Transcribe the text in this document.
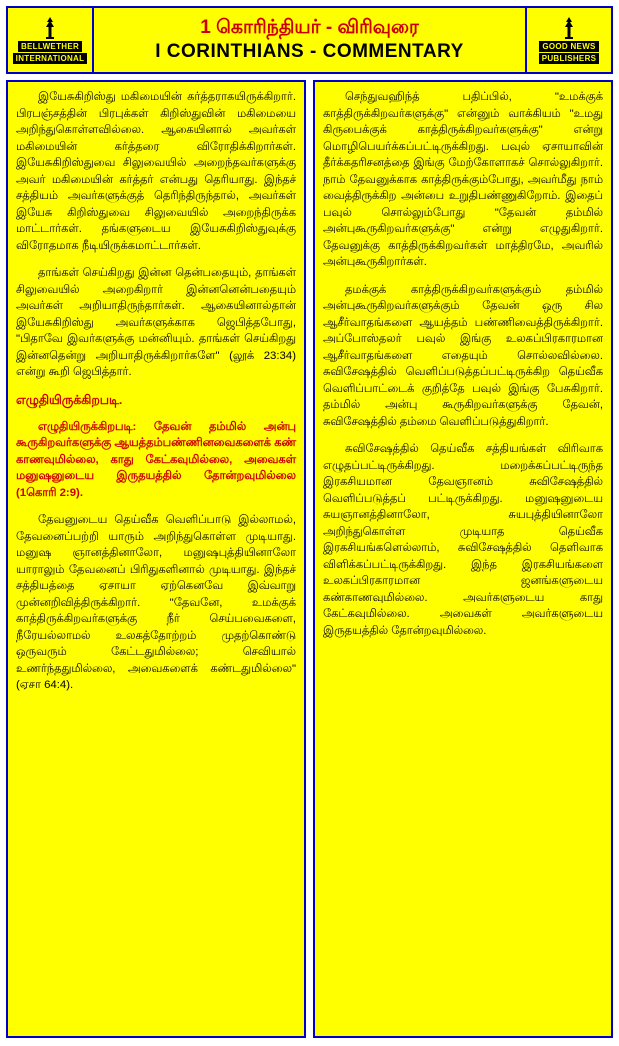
BELLWETHER
INTERNATIONAL
1 கொரிந்தியர் - விரிவுரை
I CORINTHIANS - COMMENTARY	GOOD NEWS
PUBLISHERS

இயேசுகிறிஸ்து மகிமையின் கர்த்தராகயிருக்கிறார். பிரபஞ்சத்தின் பிரபுக்கள் கிறிஸ்துவின் மகிமையை அறிந்துகொள்ளவில்லை. ஆகையினால் அவர்கள் மகிமையின் கர்த்தரை விரோதிக்கிறார்கள். இயேசுகிறிஸ்துவை சிலுவையில் அறைந்தவர்களுக்கு அவர் மகிமையின் கர்த்தர் என்பது தெரியாது. இந்தச் சத்தியம் அவர்களுக்குத் தெரிந்திருந்தால், அவர்கள் இயேசு கிறிஸ்துவை சிலுவையில் அறைந்திருக்க மாட்டார்கள். தங்களுடைய இயேசுகிறிஸ்துவுக்கு விரோதமாக நீடியிருக்கமாட்டார்கள்.

தாங்கள் செய்கிறது இன்ன தென்பதையும், தாங்கள் சிலுவையில் அறைகிறார் இன்னனென்பதையும் அவர்கள் அறியாதிருந்தார்கள். ஆகையினால்தான் இயேசுகிறிஸ்து அவர்களுக்காக ஜெபித்தபோது, "பிதாவே இவர்களுக்கு மன்னியும். தாங்கள் செய்கிறது இன்னதென்று அறியாதிருக்கிறார்களே" (லூக் 23:34) என்று கூறி ஜெபித்தார்.

எழுதியிருக்கிறபடி.

எழுதியிருக்கிறபடி: தேவன் தம்மில் அன்பு கூருகிறவர்களுக்கு ஆயத்தம்பண்ணினவைகளைக் கண் காணவுமில்லை, காது கேட்கவுமில்லை, அவைகள் மனுஷனுடைய இருதயத்தில் தோன்றவுமில்லை (1கொரி 2:9).

தேவனுடைய தெய்வீக வெளிப்பாடு இல்லாமல், தேவனைப்பற்றி யாரும் அறிந்துகொள்ள முடியாது. மனுஷ ஞானத்தினாலோ, மனுஷபுத்தியினாலோ யாராலும் தேவனைப் பிரிதுகளினால் முடியாது. இந்தச் சத்தியத்தை ஏசாயா ஏற்கெனவே இவ்வாறு முன்னறிவித்திருக்கிறார். "தேவனே, உமக்குக் காத்திருக்கிறவர்களுக்கு நீர் செய்பவைகளை, நீரேயல்லாமல் உலகத்தோற்றம் முதற்கொண்டு ஒருவரும் கேட்டதுமில்லை; செவியால் உணர்ந்ததுமில்லை, அவைகளைக் கண்டதுமில்லை" (ஏசா 64:4).

செந்துவஹிந்த் பதிப்பில், "உமக்குக் காத்திருக்கிறவர்களுக்கு" என்னும் வாக்கியம் "உமது கிருபைக்குக் காத்திருக்கிறவர்களுக்கு" என்று மொழிபெயர்க்கப்பட்டிருக்கிறது. பவுல் ஏசாயாவின் தீர்க்கதரிசனத்தை இங்கு மேற்கோளாகச் சொல்லுகிறார். நாம் தேவனுக்காக காத்திருக்கும்போது, அவர்மீது நாம் வைத்திருக்கிற அன்பை உறுதிபண்ணுகிறோம். இதைப் பவுல் சொல்லும்போது "தேவன் தம்மில் அன்புகூருகிறவர்களுக்கு" என்று எழுதுகிறார். தேவனுக்கு காத்திருக்கிறவர்கள் மாத்திரமே, அவரில் அன்புகூருகிறார்கள்.

தமக்குக் காத்திருக்கிறவர்களுக்கும் தம்மில் அன்புகூருகிறவர்களுக்கும் தேவன் ஒரு சில ஆசீர்வாதங்களை ஆயத்தம் பண்ணிவைத்திருக்கிறார். அப்போஸ்தலர் பவுல் இங்கு உலகப்பிரகாரமான ஆசீர்வாதங்களை எதையும் சொல்லவில்லை. சுவிசேஷத்தில் வெளிப்படுத்தப்பட்டிருக்கிற தெய்வீக வெளிப்பாட்டைக் குறித்தே பவுல் இங்கு பேசுகிறார். தம்மில் அன்பு கூருகிறவர்களுக்கு தேவன், சுவிசேஷத்தில் தம்மை வெளிப்படுத்துகிறார்.

சுவிசேஷத்தில் தெய்வீக சத்தியங்கள் விரிவாக எழுதப்பட்டிருக்கிறது. மறைக்கப்பட்டிருந்த இரகசியமான தேவஞானம் சுவிசேஷத்தில் வெளிப்படுத்தப் பட்டிருக்கிறது. மனுஷனுடைய சுயஞானத்தினாலோ, சுயபுத்தியினாலோ அறிந்துகொள்ள முடியாத தெய்வீக இரகசியங்களெல்லாம், சுவிசேஷத்தில் தெளிவாக விளிக்கப்பட்டிருக்கிறது. இந்த இரகசியங்களை உலகப்பிரகாரமான ஜனங்களுடைய கண்காணவுமில்லை. அவர்களுடைய காது கேட்கவுமில்லை. அவைகள் அவர்களுடைய இருதயத்தில் தோன்றவுமில்லை.
